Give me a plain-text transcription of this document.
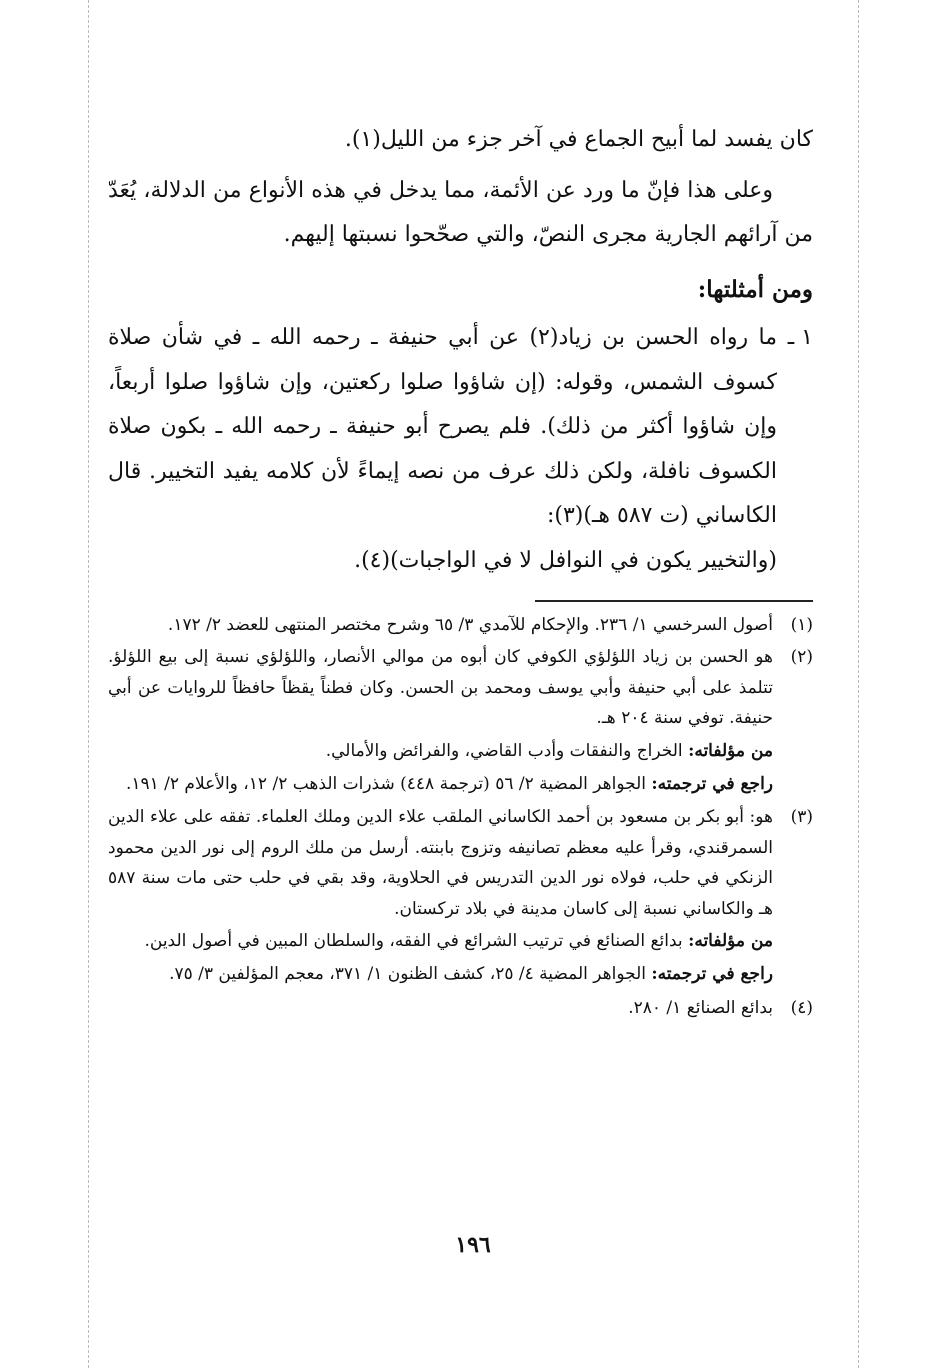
كان يفسد لما أبيح الجماع في آخر جزء من الليل(١).

وعلى هذا فإنّ ما ورد عن الأئمة، مما يدخل في هذه الأنواع من الدلالة، يُعَدّ من آرائهم الجارية مجرى النصّ، والتي صحّحوا نسبتها إليهم.

ومن أمثلتها:

١ ـ

ما رواه الحسن بن زياد(٢) عن أبي حنيفة ـ رحمه الله ـ في شأن صلاة كسوف الشمس، وقوله: (إن شاؤوا صلوا ركعتين، وإن شاؤوا صلوا أربعاً، وإن شاؤوا أكثر من ذلك). فلم يصرح أبو حنيفة ـ رحمه الله ـ بكون صلاة الكسوف نافلة، ولكن ذلك عرف من نصه إيماءً لأن كلامه يفيد التخيير. قال الكاساني (ت ٥٨٧ هـ)(٣):

(والتخيير يكون في النوافل لا في الواجبات)(٤).

(١)
أصول السرخسي ١/ ٢٣٦. والإحكام للآمدي ٣/ ٦٥ وشرح مختصر المنتهى للعضد ٢/ ١٧٢.
(٢)
هو الحسن بن زياد اللؤلؤي الكوفي كان أبوه من موالي الأنصار، واللؤلؤي نسبة إلى بيع اللؤلؤ. تتلمذ على أبي حنيفة وأبي يوسف ومحمد بن الحسن. وكان فطناً يقظاً حافظاً للروايات عن أبي حنيفة. توفي سنة ٢٠٤ هـ.
من مؤلفاته: الخراج والنفقات وأدب القاضي، والفرائض والأمالي.
راجع في ترجمته: الجواهر المضية ٢/ ٥٦ (ترجمة ٤٤٨) شذرات الذهب ٢/ ١٢، والأعلام ٢/ ١٩١.
(٣)
هو: أبو بكر بن مسعود بن أحمد الكاساني الملقب علاء الدين وملك العلماء. تفقه على علاء الدين السمرقندي، وقرأ عليه معظم تصانيفه وتزوج بابنته. أرسل من ملك الروم إلى نور الدين محمود الزنكي في حلب، فولاه نور الدين التدريس في الحلاوية، وقد بقي في حلب حتى مات سنة ٥٨٧ هـ والكاساني نسبة إلى كاسان مدينة في بلاد تركستان.
من مؤلفاته: بدائع الصنائع في ترتيب الشرائع في الفقه، والسلطان المبين في أصول الدين.
راجع في ترجمته: الجواهر المضية ٤/ ٢٥، كشف الظنون ١/ ٣٧١، معجم المؤلفين ٣/ ٧٥.
(٤)
بدائع الصنائع ١/ ٢٨٠.
١٩٦
